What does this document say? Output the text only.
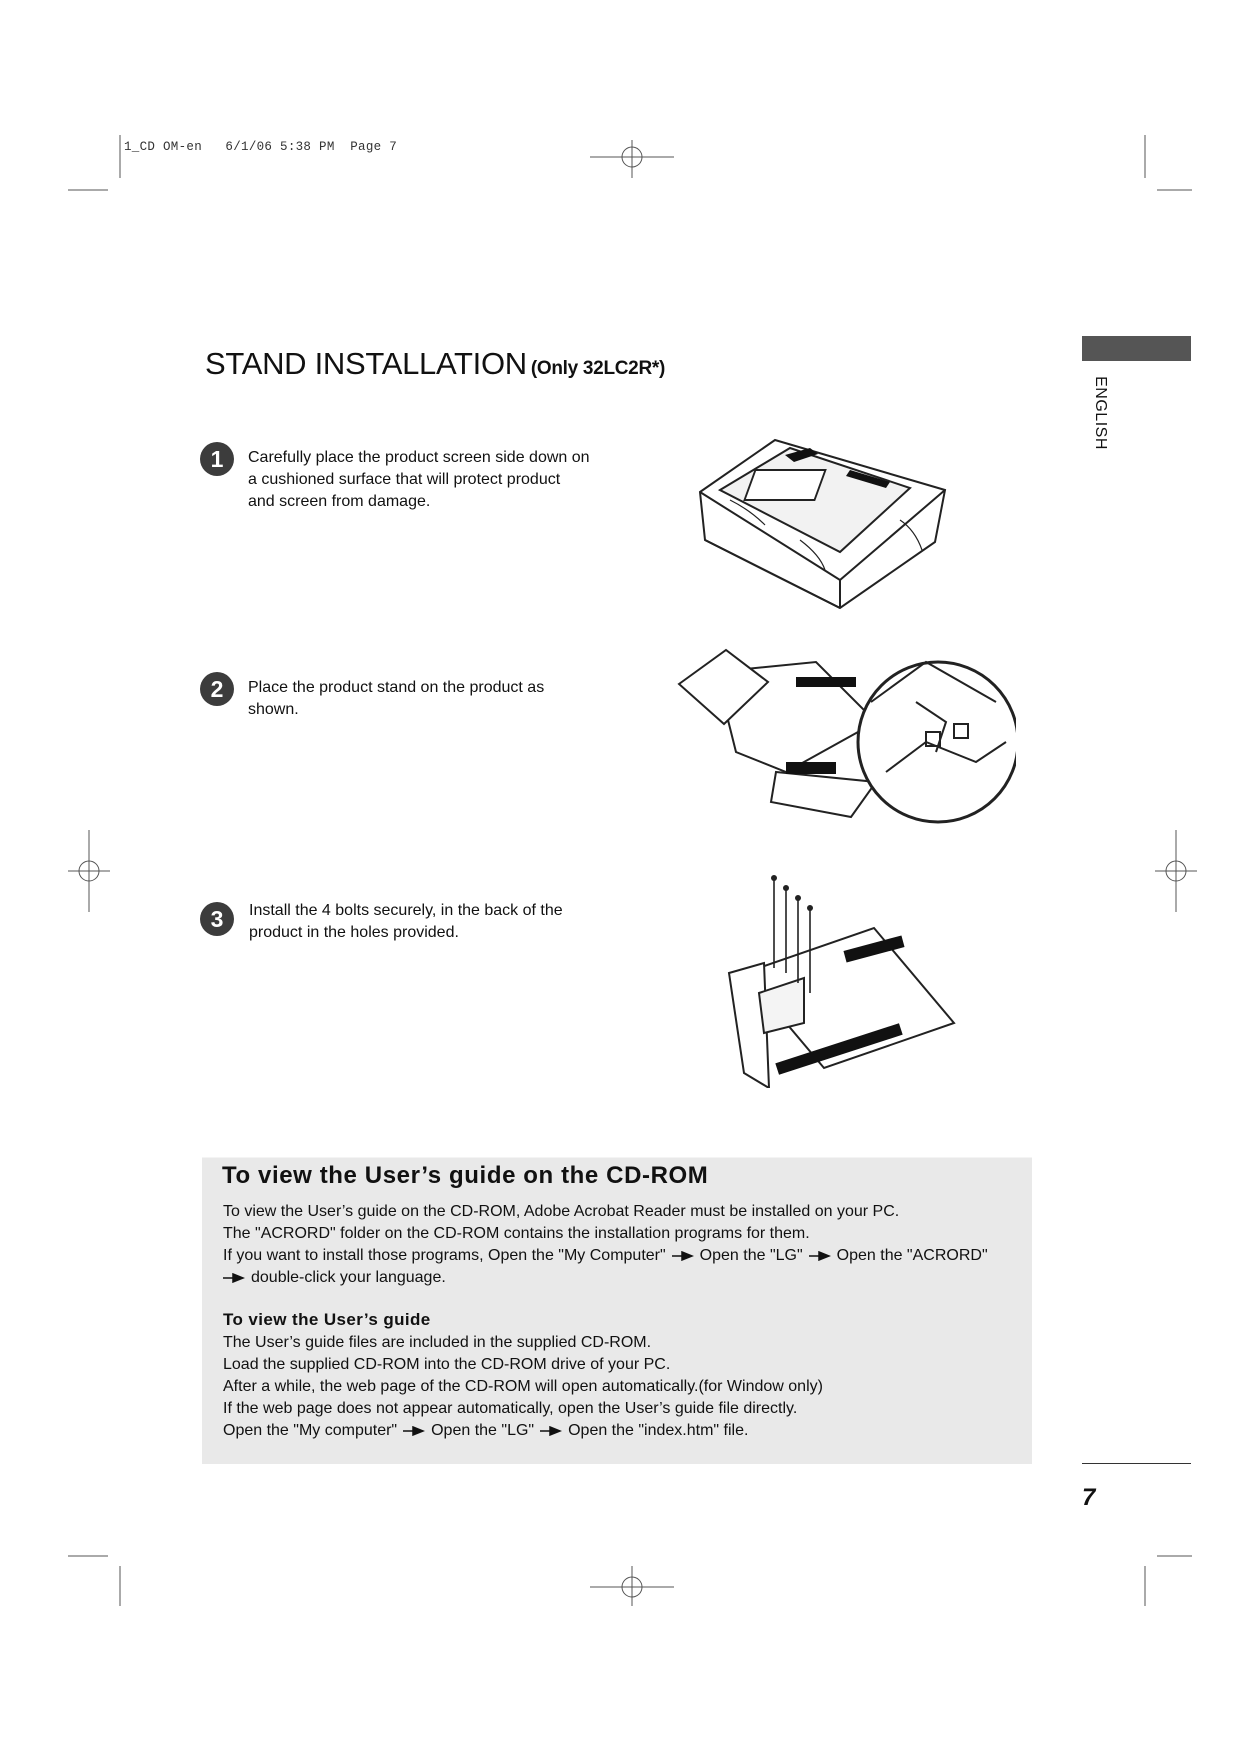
1_CD OM-en   6/1/06 5:38 PM  Page 7
STAND INSTALLATION (Only 32LC2R*)
ENGLISH
1 Carefully place the product screen side down on
a cushioned surface that will protect product
and screen from damage.
2 Place the product stand on the product as
shown.
3 Install the 4 bolts securely, in the back of the
product in the holes provided.
To view the User’s guide on the CD-ROM
To view the User’s guide on the CD-ROM, Adobe Acrobat Reader must be installed on your PC.
The "ACRORD" folder on the CD-ROM contains the installation programs for them.
If you want to install those programs, Open the "My Computer" Open the "LG" Open the "ACRORD"
double-click your language.
To view the User’s guide
The User’s guide files are included in the supplied CD-ROM.
Load the supplied CD-ROM into the CD-ROM drive of your PC.
After a while, the web page of the CD-ROM will open automatically.(for Window only)
If the web page does not appear automatically, open the User’s guide file directly.
Open the "My computer" Open the "LG" Open the "index.htm" file.
7
